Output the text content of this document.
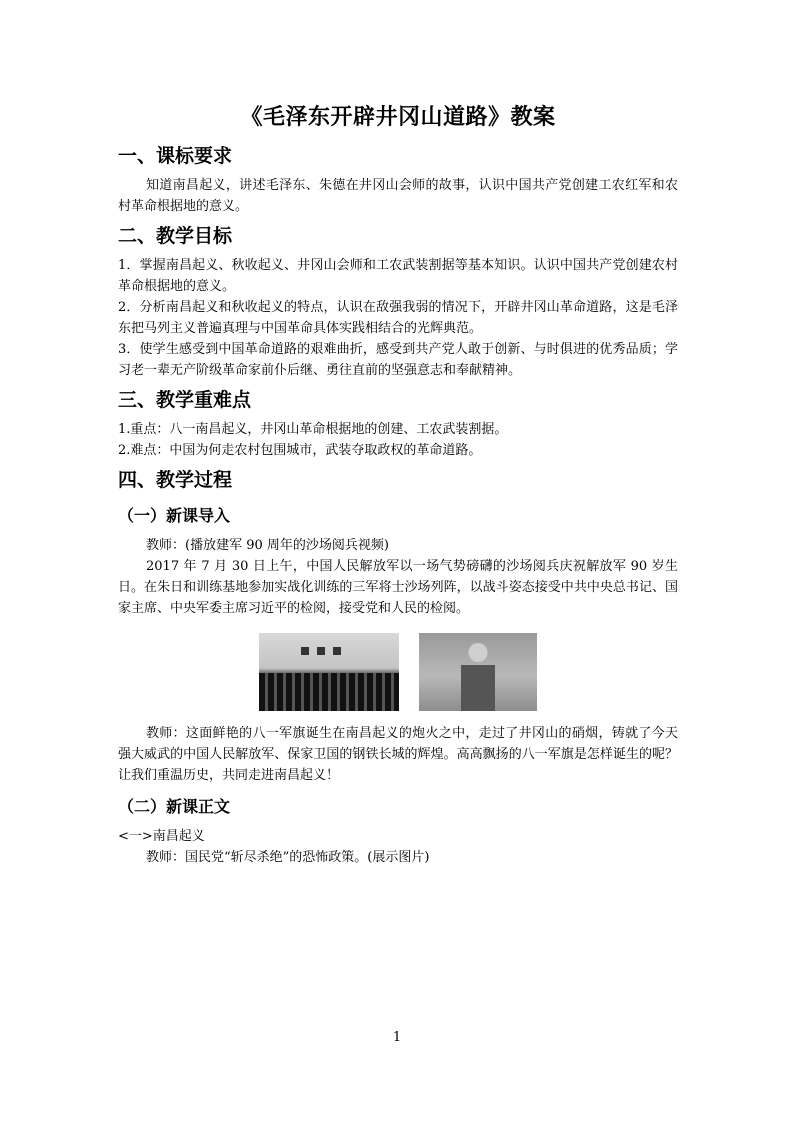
《毛泽东开辟井冈山道路》教案
一、课标要求

知道南昌起义，讲述毛泽东、朱德在井冈山会师的故事，认识中国共产党创建工农红军和农村革命根据地的意义。

二、教学目标

1．掌握南昌起义、秋收起义、井冈山会师和工农武装割据等基本知识。认识中国共产党创建农村革命根据地的意义。

2．分析南昌起义和秋收起义的特点，认识在敌强我弱的情况下，开辟井冈山革命道路，这是毛泽东把马列主义普遍真理与中国革命具体实践相结合的光辉典范。

3．使学生感受到中国革命道路的艰难曲折，感受到共产党人敢于创新、与时俱进的优秀品质；学习老一辈无产阶级革命家前仆后继、勇往直前的坚强意志和奉献精神。

三、教学重难点

1.重点：八一南昌起义，井冈山革命根据地的创建、工农武装割据。

2.难点：中国为何走农村包围城市，武装夺取政权的革命道路。

四、教学过程
（一）新课导入

教师：(播放建军 90 周年的沙场阅兵视频)

2017 年 7 月 30 日上午，中国人民解放军以一场气势磅礴的沙场阅兵庆祝解放军 90 岁生日。在朱日和训练基地参加实战化训练的三军将士沙场列阵，以战斗姿态接受中共中央总书记、国家主席、中央军委主席习近平的检阅，接受党和人民的检阅。

教师：这面鲜艳的八一军旗诞生在南昌起义的炮火之中，走过了井冈山的硝烟，铸就了今天强大威武的中国人民解放军、保家卫国的钢铁长城的辉煌。高高飘扬的八一军旗是怎样诞生的呢？让我们重温历史，共同走进南昌起义！

（二）新课正文

<一>南昌起义

教师：国民党“斩尽杀绝”的恐怖政策。(展示图片)

1
